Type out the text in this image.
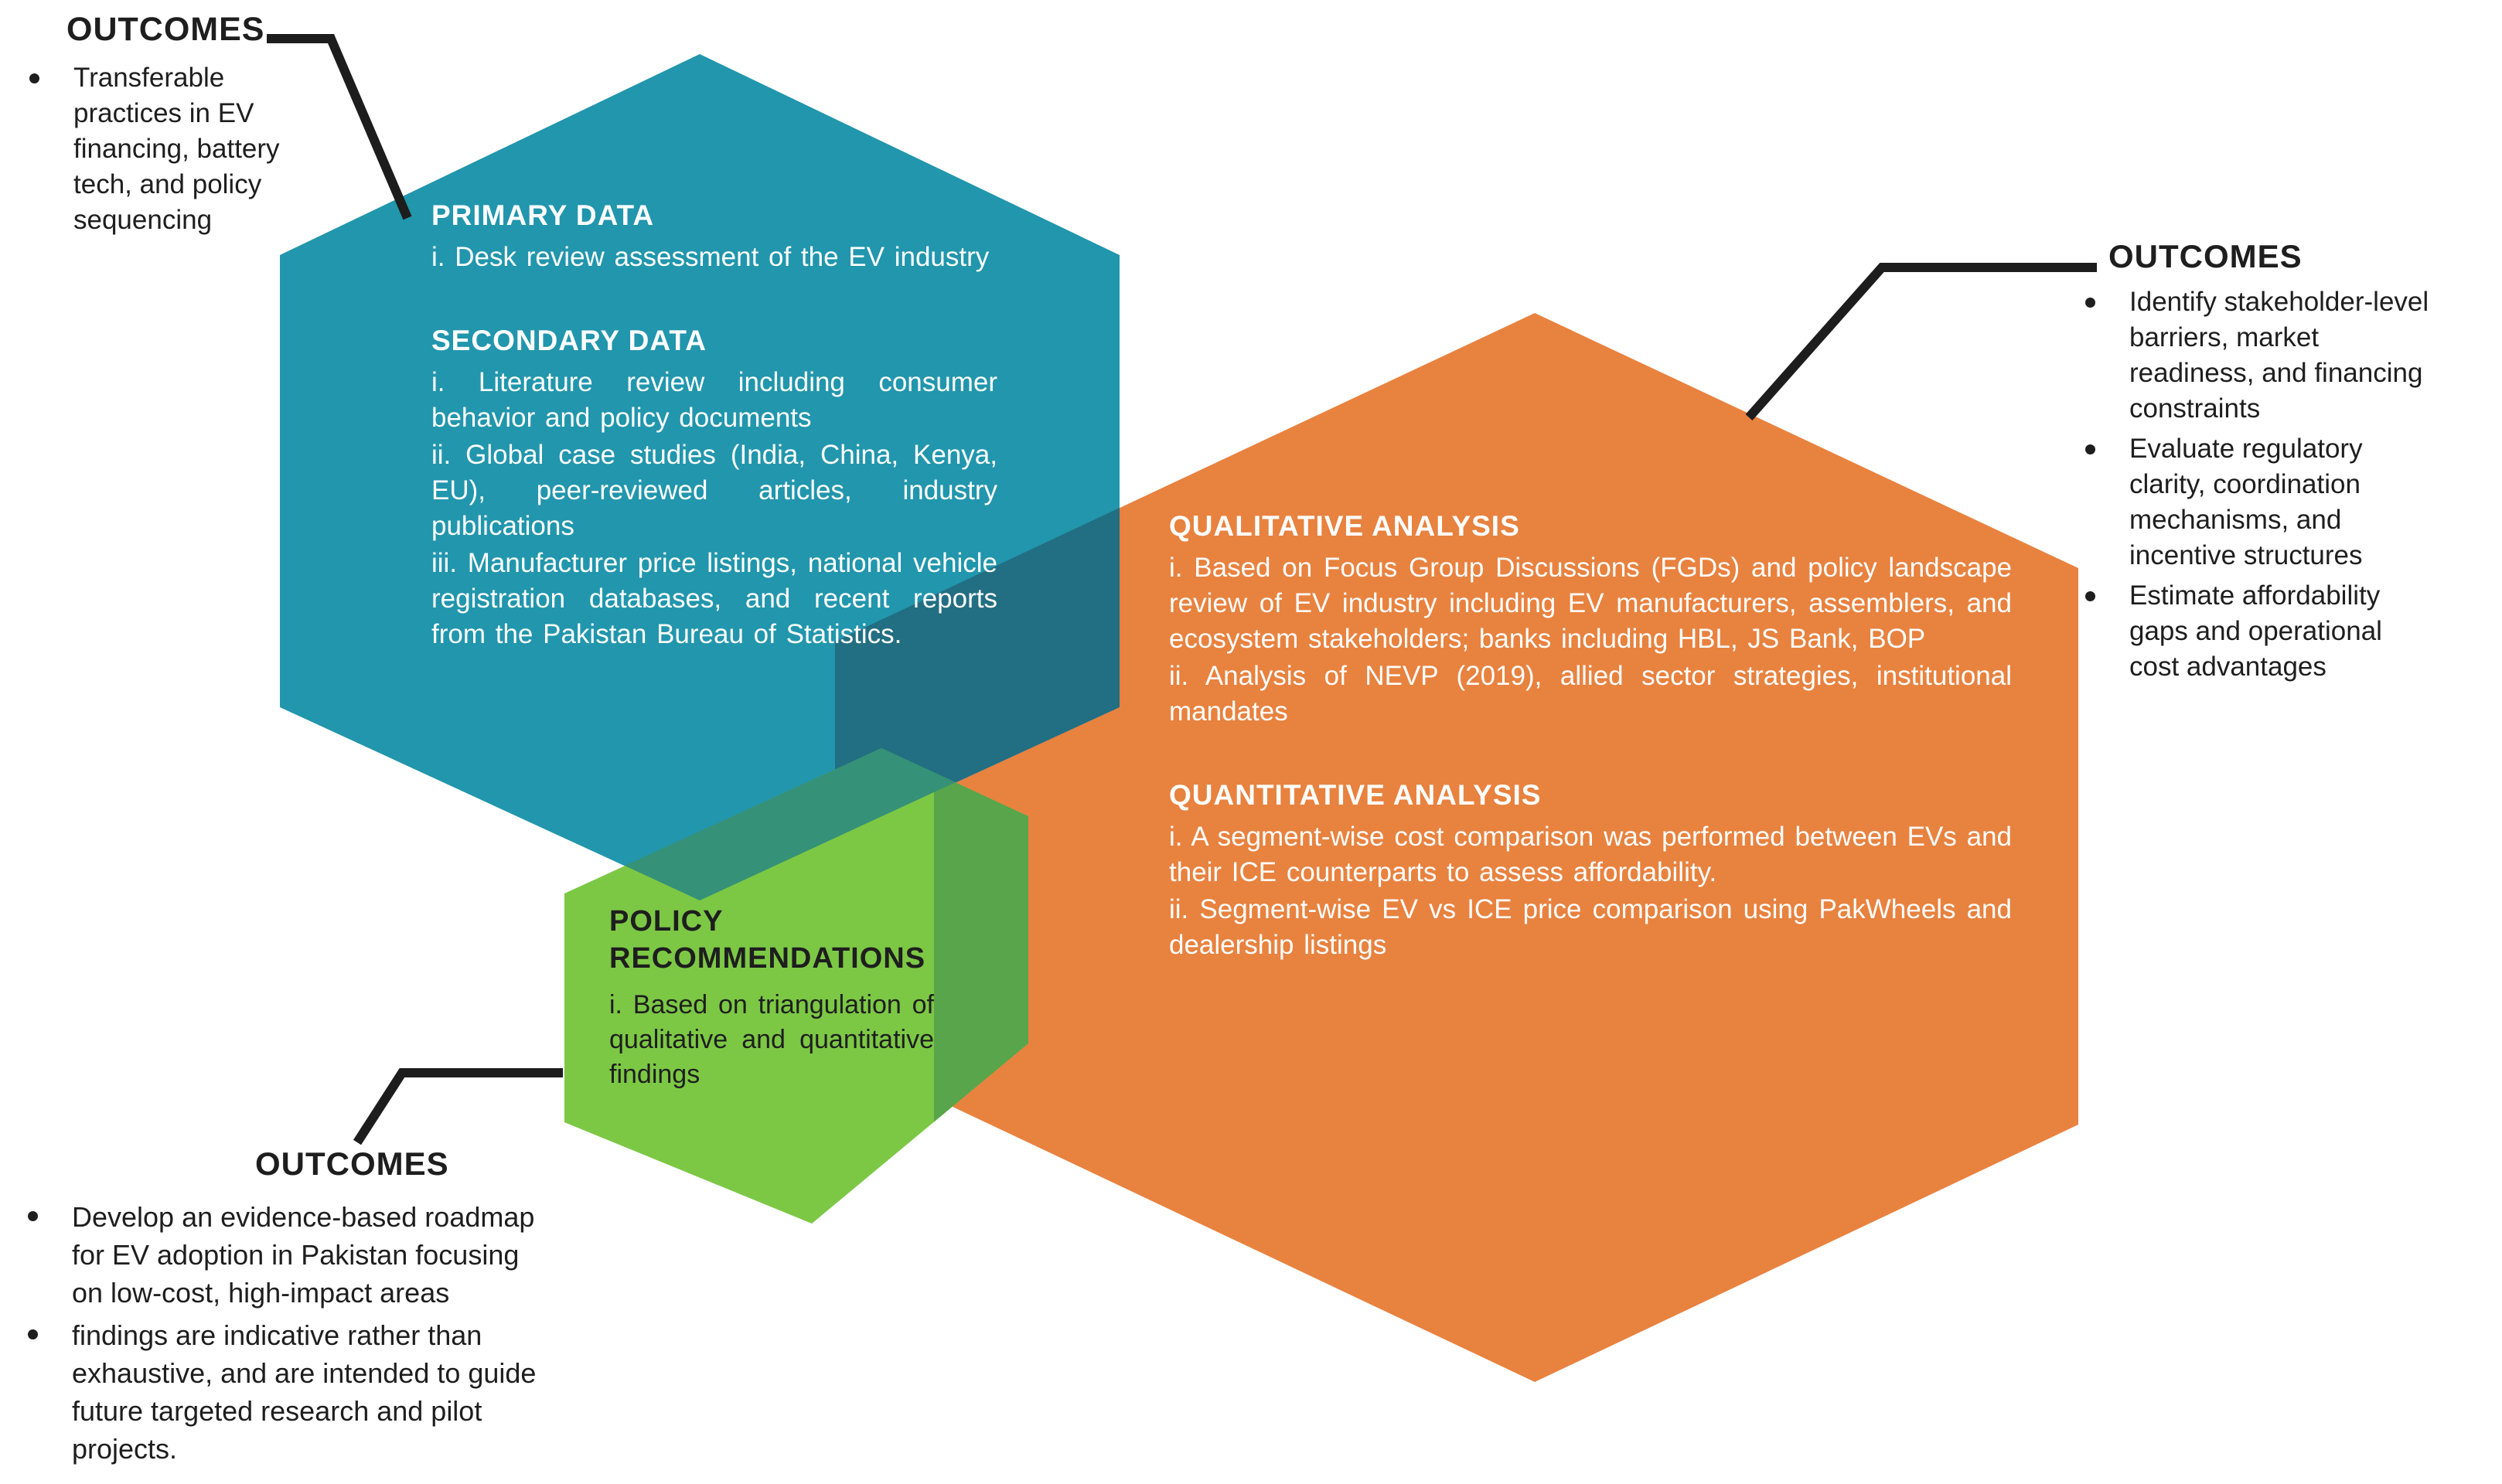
OUTCOMES
Transferable practices in EV financing, battery tech, and policy sequencing	PRIMARY DATA

i. Desk review assessment of the EV industry

SECONDARY DATA

i. Literature review including consumer behavior and policy documents

ii. Global case studies (India, China, Kenya, EU), peer-reviewed articles, industry publications

iii. Manufacturer price listings, national vehicle registration databases, and recent reports from the Pakistan Bureau of Statistics.

QUALITATIVE ANALYSIS

i. Based on Focus Group Discussions (FGDs) and policy landscape review of EV industry including EV manufacturers, assemblers, and ecosystem stakeholders; banks including HBL, JS Bank, BOP

ii. Analysis of NEVP (2019), allied sector strategies, institutional mandates

QUANTITATIVE ANALYSIS

i. A segment-wise cost comparison was performed between EVs and their ICE counterparts to assess affordability.

ii. Segment-wise EV vs ICE price comparison using PakWheels and dealership listings

POLICY RECOMMENDATIONS

i. Based on triangulation of qualitative and quantitative findings

OUTCOMES
Identify stakeholder-level barriers, market readiness, and financing constraints
Evaluate regulatory clarity, coordination mechanisms, and incentive structures
Estimate affordability gaps and operational cost advantages
OUTCOMES
Develop an evidence-based roadmap for EV adoption in Pakistan focusing on low-cost, high-impact areas
findings are indicative rather than exhaustive, and are intended to guide future targeted research and pilot projects.
